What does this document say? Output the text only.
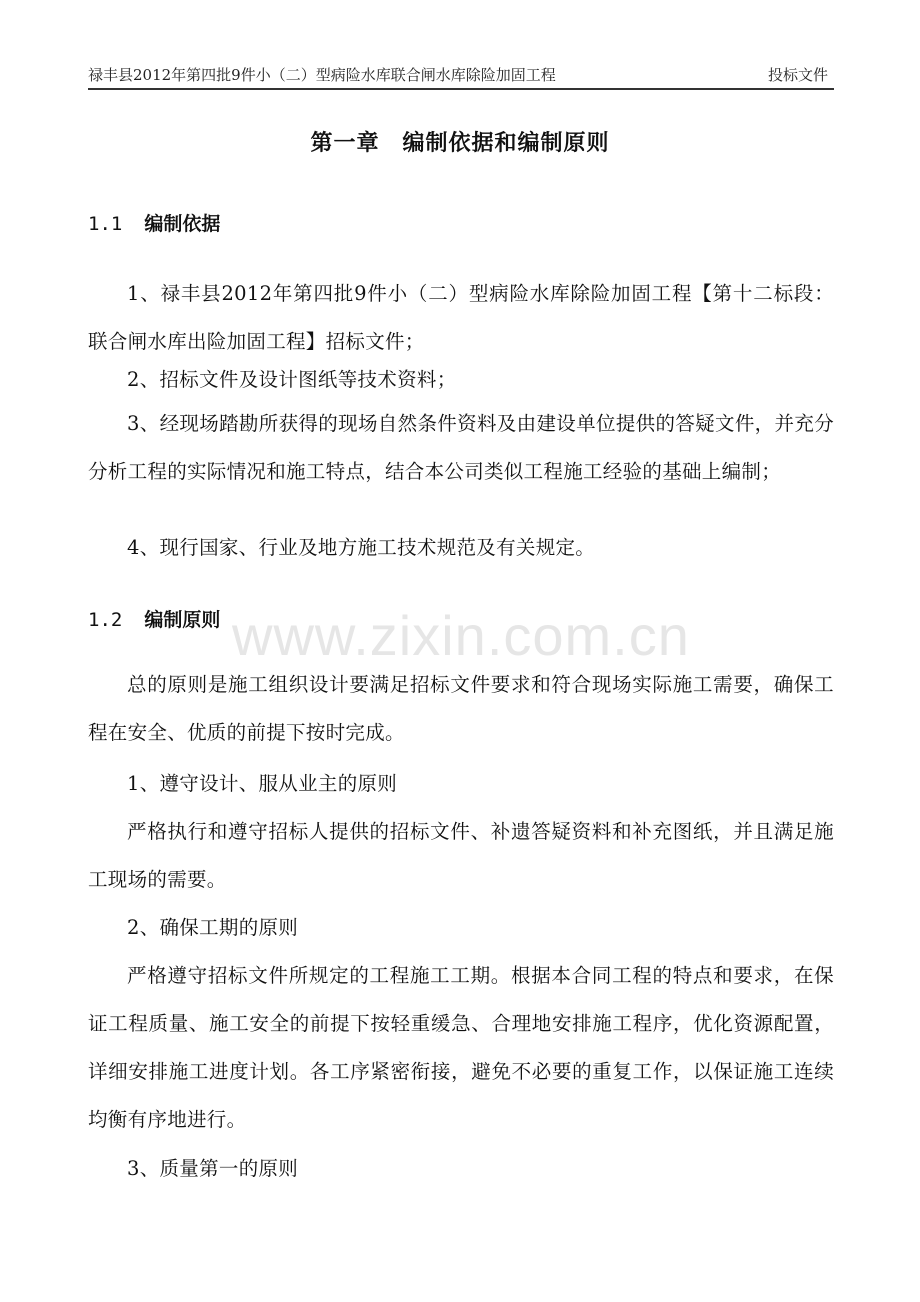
禄丰县2012年第四批9件小（二）型病险水库联合闸水库除险加固工程	投标文件
www.zixin.com.cn
第一章　编制依据和编制原则
1.1 编制依据
1、禄丰县2012年第四批9件小（二）型病险水库除险加固工程【第十二标段：联合闸水库出险加固工程】招标文件；
2、招标文件及设计图纸等技术资料；
3、经现场踏勘所获得的现场自然条件资料及由建设单位提供的答疑文件，并充分分析工程的实际情况和施工特点，结合本公司类似工程施工经验的基础上编制；
4、现行国家、行业及地方施工技术规范及有关规定。
1.2 编制原则
总的原则是施工组织设计要满足招标文件要求和符合现场实际施工需要，确保工程在安全、优质的前提下按时完成。
1、遵守设计、服从业主的原则
严格执行和遵守招标人提供的招标文件、补遗答疑资料和补充图纸，并且满足施工现场的需要。
2、确保工期的原则
严格遵守招标文件所规定的工程施工工期。根据本合同工程的特点和要求，在保证工程质量、施工安全的前提下按轻重缓急、合理地安排施工程序，优化资源配置，详细安排施工进度计划。各工序紧密衔接，避免不必要的重复工作，以保证施工连续均衡有序地进行。
3、质量第一的原则
